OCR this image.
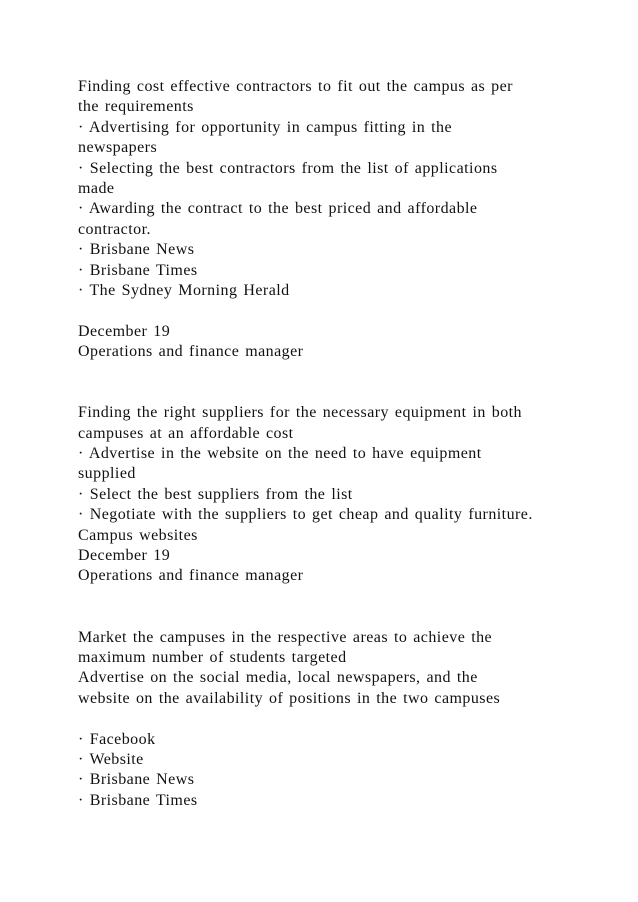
Finding cost effective contractors to fit out the campus as per
the requirements
· Advertising for opportunity in campus fitting in the
newspapers
· Selecting the best contractors from the list of applications
made
· Awarding the contract to the best priced and affordable
contractor.
· Brisbane News
· Brisbane Times
· The Sydney Morning Herald
December 19
Operations and finance manager
Finding the right suppliers for the necessary equipment in both
campuses at an affordable cost
· Advertise in the website on the need to have equipment
supplied
· Select the best suppliers from the list
· Negotiate with the suppliers to get cheap and quality furniture.
Campus websites
December 19
Operations and finance manager
Market the campuses in the respective areas to achieve the
maximum number of students targeted
Advertise on the social media, local newspapers, and the
website on the availability of positions in the two campuses
· Facebook
· Website
· Brisbane News
· Brisbane Times
